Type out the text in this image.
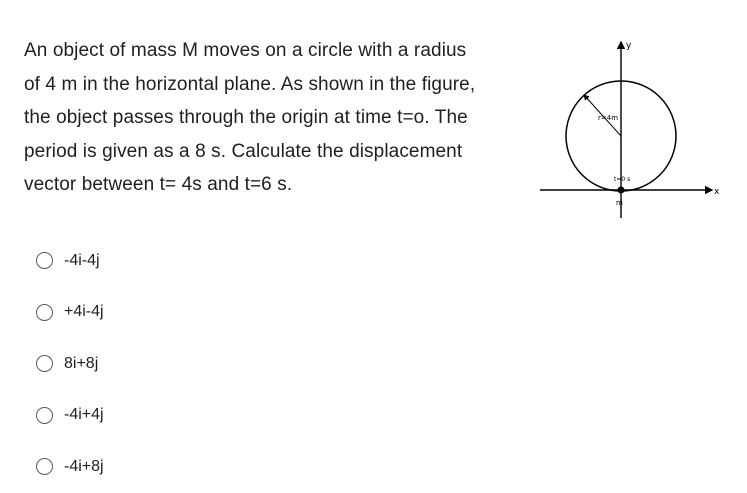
An object of mass M moves on a circle with a radius
of 4 m in the horizontal plane. As shown in the figure,
the object passes through the origin at time t=o. The
period is given as a 8 s. Calculate the displacement
vector between t= 4s and t=6 s.
y
x
r=4m
t=0 s
m
-4i-4j
+4i-4j
8i+8j
-4i+4j
-4i+8j
